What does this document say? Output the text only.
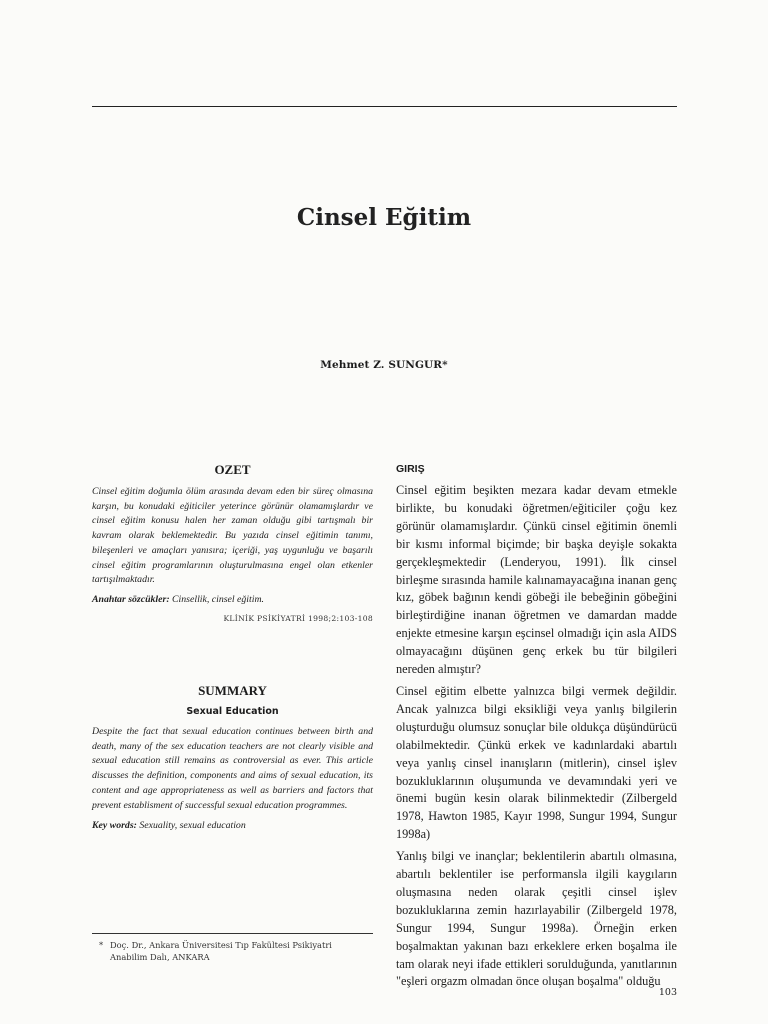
Cinsel Eğitim
Mehmet Z. SUNGUR*
OZET

Cinsel eğitim doğumla ölüm arasında devam eden bir süreç olmasına karşın, bu konudaki eğiticiler yeterince görünür olamamışlardır ve cinsel eğitim konusu halen her zaman olduğu gibi tartışmalı bir kavram olarak beklemektedir. Bu yazıda cinsel eğitimin tanımı, bileşenleri ve amaçları yanısıra; içeriği, yaş uygunluğu ve başarılı cinsel eğitim programlarının oluşturulmasına engel olan etkenler tartışılmaktadır.

Anahtar sözcükler: Cinsellik, cinsel eğitim.

KLİNİK PSİKİYATRİ 1998;2:103-108
SUMMARY
Sexual Education

Despite the fact that sexual education continues between birth and death, many of the sex education teachers are not clearly visible and sexual education still remains as controversial as ever. This article discusses the definition, components and aims of sexual education, its content and age appropriateness as well as barriers and factors that prevent establisment of successful sexual education programmes.

Key words: Sexuality, sexual education

GIRIŞ

Cinsel eğitim beşikten mezara kadar devam etmekle birlikte, bu konudaki öğretmen/eğiticiler çoğu kez görünür olamamışlardır. Çünkü cinsel eğitimin önemli bir kısmı informal biçimde; bir başka deyişle sokakta gerçekleşmektedir (Lenderyou, 1991). İlk cinsel birleşme sırasında hamile kalınamayacağına inanan genç kız, göbek bağının kendi göbeği ile bebeğinin göbeğini birleştirdiğine inanan öğretmen ve damardan madde enjekte etmesine karşın eşcinsel olmadığı için asla AIDS olmayacağını düşünen genç erkek bu tür bilgileri nereden almıştır?

Cinsel eğitim elbette yalnızca bilgi vermek değildir. Ancak yalnızca bilgi eksikliği veya yanlış bilgilerin oluşturduğu olumsuz sonuçlar bile oldukça düşündürücü olabilmektedir. Çünkü erkek ve kadınlardaki abartılı veya yanlış cinsel inanışların (mitlerin), cinsel işlev bozukluklarının oluşumunda ve devamındaki yeri ve önemi bugün kesin olarak bilinmektedir (Zilbergeld 1978, Hawton 1985, Kayır 1998, Sungur 1994, Sungur 1998a)

Yanlış bilgi ve inançlar; beklentilerin abartılı olmasına, abartılı beklentiler ise performansla ilgili kaygıların oluşmasına neden olarak çeşitli cinsel işlev bozukluklarına zemin hazırlayabilir (Zilbergeld 1978, Sungur 1994, Sungur 1998a). Örneğin erken boşalmaktan yakınan bazı erkeklere erken boşalma ile tam olarak neyi ifade ettikleri sorulduğunda, yanıtlarının "eşleri orgazm olmadan önce oluşan boşalma" olduğu

* Doç. Dr., Ankara Üniversitesi Tıp Fakültesi Psikiyatri
Anabilim Dalı, ANKARA
103
